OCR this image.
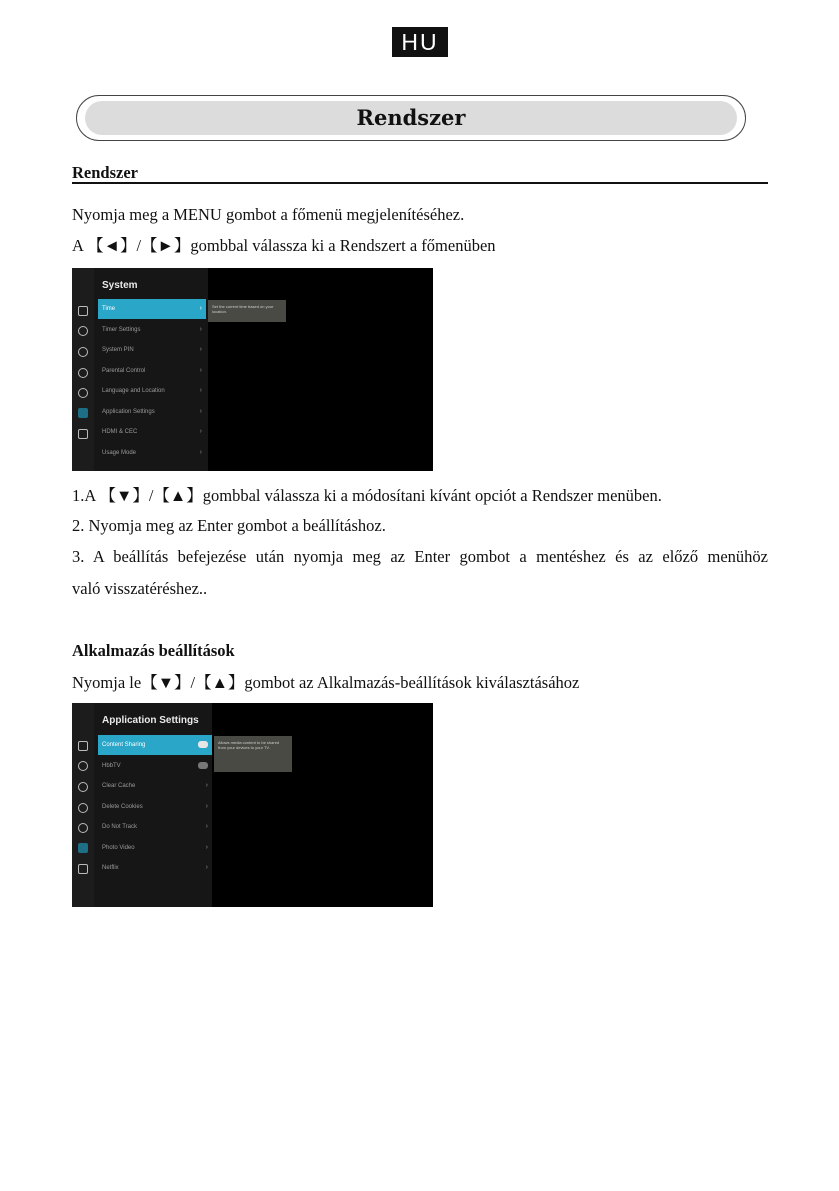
HU
Rendszer
Rendszer
Nyomja meg a MENU gombot a főmenü megjelenítéséhez.
A 【◄】/【►】gombbal válassza ki a Rendszert a főmenüben
System
Time	›
Timer Settings	›
System PIN	›
Parental Control	›
Language and Location	›
Application Settings	›
HDMI & CEC	›
Usage Mode	›
Set the current time based on your location.
1.A 【▼】/【▲】gombbal válassza ki a módosítani kívánt opciót a Rendszer menüben.
2. Nyomja meg az Enter gombot a beállításhoz.
3. A beállítás befejezése után nyomja meg az Enter gombot a mentéshez és az előző menühöz
való visszatéréshez..
Alkalmazás beállítások
Nyomja le【▼】/【▲】gombot az Alkalmazás-beállítások kiválasztásához
Application Settings
Content Sharing
HbbTV
Clear Cache	›
Delete Cookies	›
Do Not Track	›
Photo Video	›
Netflix	›
Allows media content to be shared from your devices to your TV.
